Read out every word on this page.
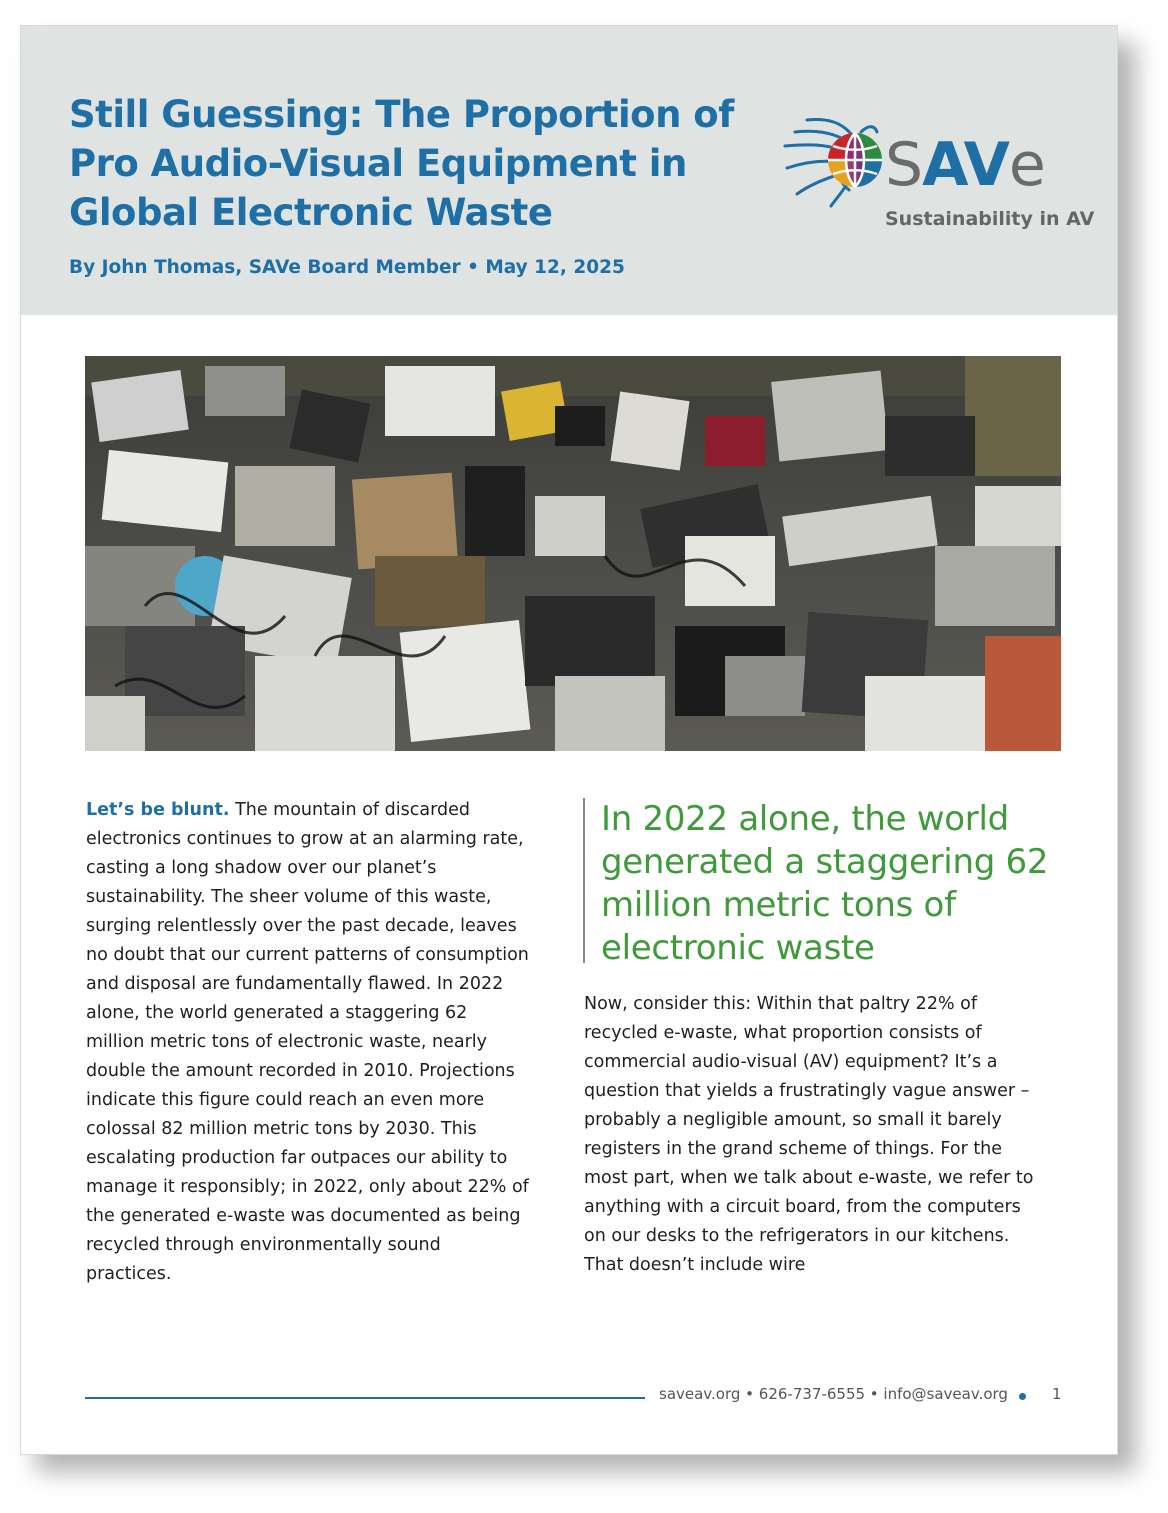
Still Guessing: The Proportion of Pro Audio-Visual Equipment in Global Electronic Waste

By John Thomas, SAVe Board Member • May 12, 2025

SAVe
Sustainability in AV

Let’s be blunt. The mountain of discarded electronics continues to grow at an alarming rate, casting a long shadow over our planet’s sustainability. The sheer volume of this waste, surging relentlessly over the past decade, leaves no doubt that our current patterns of consumption and disposal are fundamentally flawed. In 2022 alone, the world generated a staggering 62 million metric tons of electronic waste, nearly double the amount recorded in 2010. Projections indicate this figure could reach an even more colossal 82 million metric tons by 2030. This escalating production far outpaces our ability to manage it responsibly; in 2022, only about 22% of the generated e-waste was documented as being recycled through environmentally sound practices.

In 2022 alone, the world generated a staggering 62 million metric tons of electronic waste

Now, consider this: Within that paltry 22% of recycled e-waste, what proportion consists of commercial audio-visual (AV) equipment? It’s a question that yields a frustratingly vague answer – probably a negligible amount, so small it barely registers in the grand scheme of things. For the most part, when we talk about e-waste, we refer to anything with a circuit board, from the computers on our desks to the refrigerators in our kitchens. That doesn’t include wire

saveav.org • 626-737-6555 • info@saveav.org	1
